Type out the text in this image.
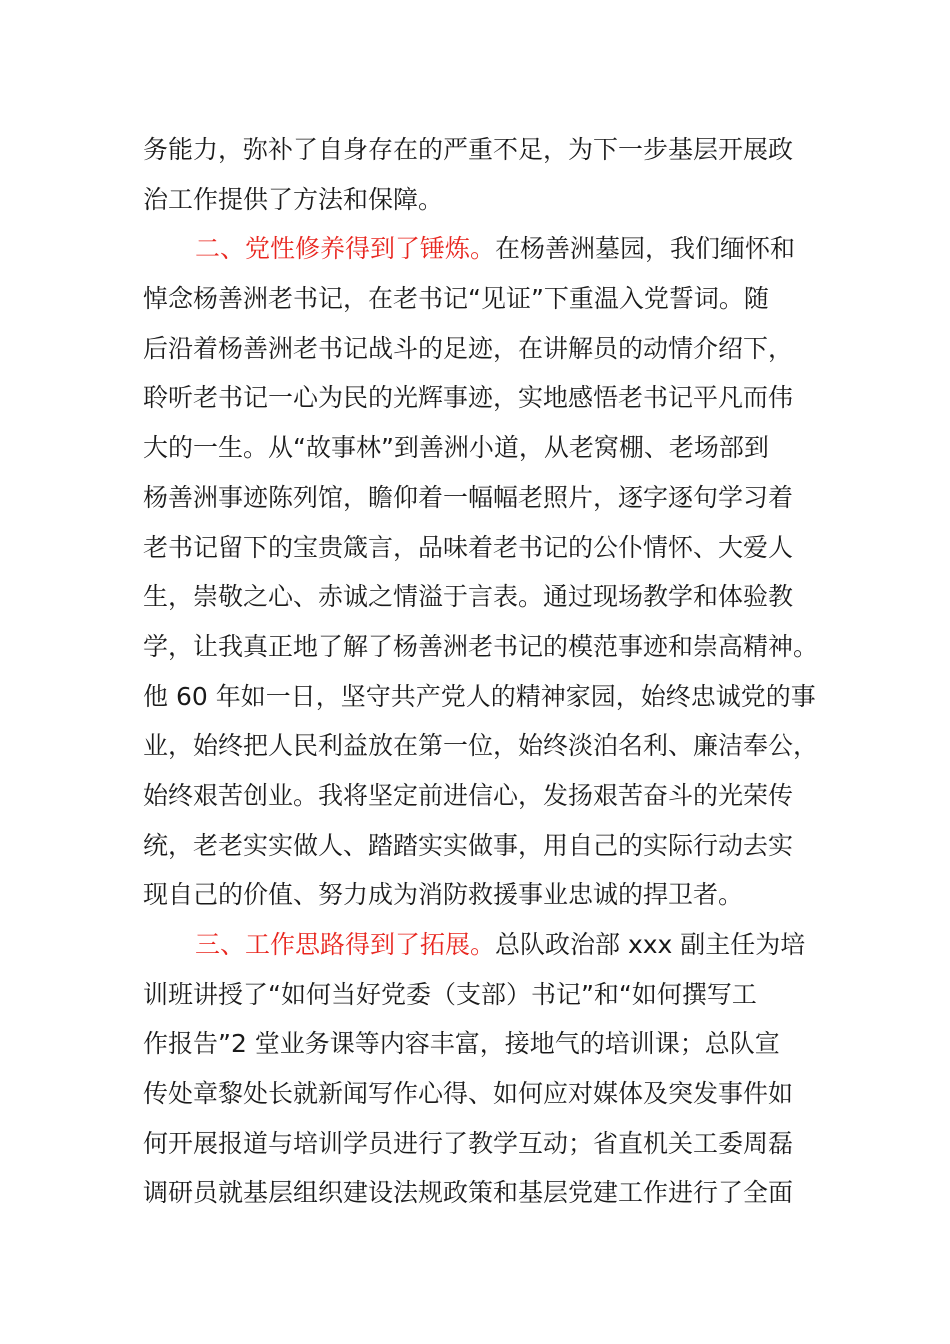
务能力，弥补了自身存在的严重不足，为下一步基层开展政
治工作提供了方法和保障。
二、党性修养得到了锤炼。在杨善洲墓园，我们缅怀和
悼念杨善洲老书记，在老书记“见证”下重温入党誓词。随
后沿着杨善洲老书记战斗的足迹，在讲解员的动情介绍下，
聆听老书记一心为民的光辉事迹，实地感悟老书记平凡而伟
大的一生。从“故事林”到善洲小道，从老窝棚、老场部到
杨善洲事迹陈列馆，瞻仰着一幅幅老照片，逐字逐句学习着
老书记留下的宝贵箴言，品味着老书记的公仆情怀、大爱人
生，崇敬之心、赤诚之情溢于言表。通过现场教学和体验教
学，让我真正地了解了杨善洲老书记的模范事迹和崇高精神。
他 60 年如一日，坚守共产党人的精神家园，始终忠诚党的事
业，始终把人民利益放在第一位，始终淡泊名利、廉洁奉公，
始终艰苦创业。我将坚定前进信心，发扬艰苦奋斗的光荣传
统，老老实实做人、踏踏实实做事，用自己的实际行动去实
现自己的价值、努力成为消防救援事业忠诚的捍卫者。
三、工作思路得到了拓展。总队政治部 xxx 副主任为培
训班讲授了“如何当好党委（支部）书记”和“如何撰写工
作报告”2 堂业务课等内容丰富，接地气的培训课；总队宣
传处章黎处长就新闻写作心得、如何应对媒体及突发事件如
何开展报道与培训学员进行了教学互动；省直机关工委周磊
调研员就基层组织建设法规政策和基层党建工作进行了全面
